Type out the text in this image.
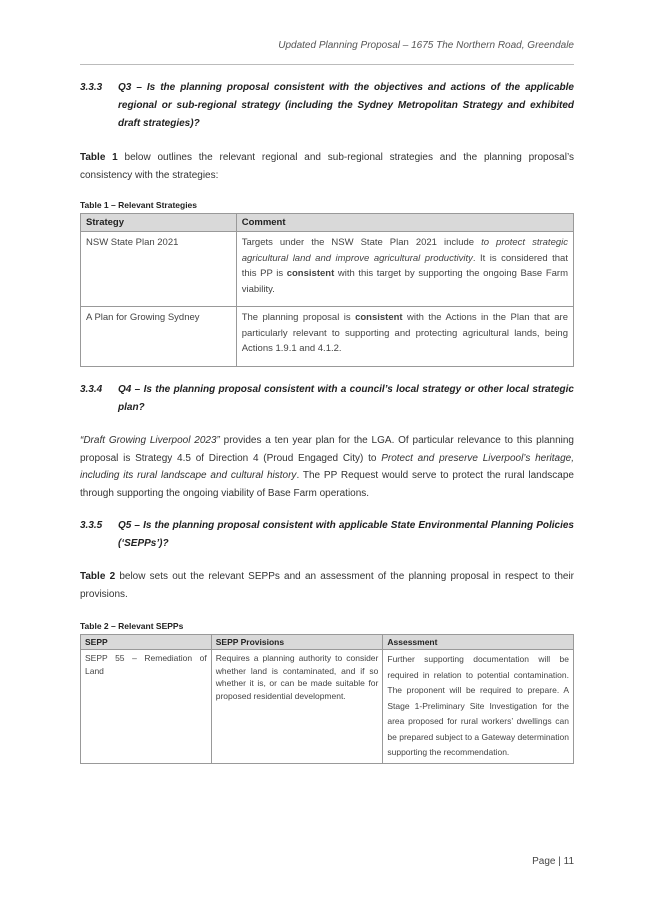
Updated Planning Proposal – 1675 The Northern Road, Greendale
3.3.3 Q3 – Is the planning proposal consistent with the objectives and actions of the applicable regional or sub-regional strategy (including the Sydney Metropolitan Strategy and exhibited draft strategies)?
Table 1 below outlines the relevant regional and sub-regional strategies and the planning proposal’s consistency with the strategies:
Table 1 – Relevant Strategies
Strategy	Comment
NSW State Plan 2021	Targets under the NSW State Plan 2021 include to protect strategic agricultural land and improve agricultural productivity. It is considered that this PP is consistent with this target by supporting the ongoing Base Farm viability.
A Plan for Growing Sydney	The planning proposal is consistent with the Actions in the Plan that are particularly relevant to supporting and protecting agricultural lands, being Actions 1.9.1 and 4.1.2.
3.3.4 Q4 – Is the planning proposal consistent with a council’s local strategy or other local strategic plan?
“Draft Growing Liverpool 2023” provides a ten year plan for the LGA. Of particular relevance to this planning proposal is Strategy 4.5 of Direction 4 (Proud Engaged City) to Protect and preserve Liverpool’s heritage, including its rural landscape and cultural history. The PP Request would serve to protect the rural landscape through supporting the ongoing viability of Base Farm operations.
3.3.5 Q5 – Is the planning proposal consistent with applicable State Environmental Planning Policies (‘SEPPs’)?
Table 2 below sets out the relevant SEPPs and an assessment of the planning proposal in respect to their provisions.
Table 2 – Relevant SEPPs
SEPP	SEPP Provisions	Assessment
SEPP 55 – Remediation of Land	Requires a planning authority to consider whether land is contaminated, and if so whether it is, or can be made suitable for proposed residential development.	Further supporting documentation will be required in relation to potential contamination. The proponent will be required to prepare. A Stage 1-Preliminary Site Investigation for the area proposed for rural workers’ dwellings can be prepared subject to a Gateway determination supporting the recommendation.
Page | 11
